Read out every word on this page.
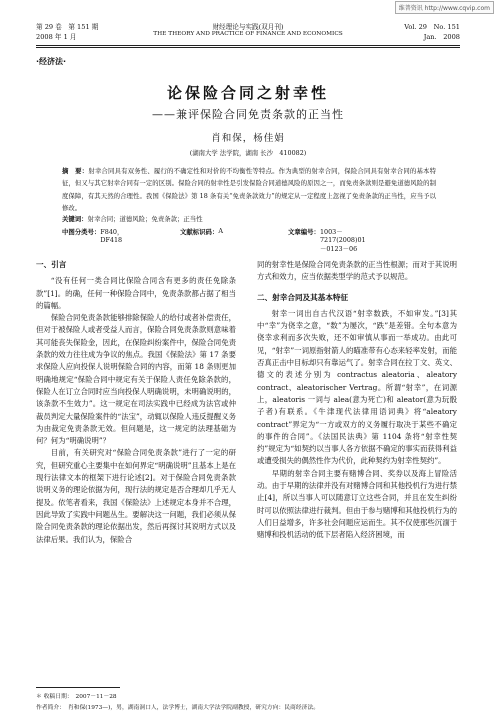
维普资讯 http://www.cqvip.com
第 29 卷　第 151 期
2008 年 1 月
财经理论与实践(双月刊)
THE THEORY AND PRACTICE OF FINANCE AND ECONOMICS
Vol. 29　No. 151
Jan.　2008
·经济法·
论保险合同之射幸性
——兼评保险合同免责条款的正当性
肖和保，杨佳娟
(湖南大学 法学院，湖南 长沙　410082)
摘　要：射幸合同具有双务性、履行的不确定性和对价的不均衡性等特点。作为典型的射幸合同，保险合同具有射幸合同的基本特征，但又与其它射幸合同有一定的区别。保险合同的射幸性是引发保险合同道德风险的原因之一，而免责条款则是避免道德风险的制度保障，有其天然的合理性。我国《保险法》第 18 条有关“免责条款效力”的规定从一定程度上忽视了免责条款的正当性，应当予以修改。
关键词：射幸合同；道德风险；免责条款；正当性
中图分类号： F840，DF418
文献标识码： A	文章编号： 1003－7217(2008)01－0123－06

一、引言

“没有任何一类合同比保险合同含有更多的责任免除条款”[1]。的确，任何一种保险合同中，免责条款都占据了相当的篇幅。

保险合同免责条款能够排除保险人的给付或者补偿责任，但对于被保险人或者受益人而言，保险合同免责条款则意味着其可能丧失保险金，因此，在保险纠纷案件中，保险合同免责条款的效力往往成为争议的焦点。我国《保险法》第 17 条要求保险人应向投保人说明保险合同的内容，而第 18 条则更加明确地规定“保险合同中规定有关于保险人责任免除条款的，保险人在订立合同时应当向投保人明确说明，未明确说明的，该条款不生效力”。这一规定在司法实践中已经成为法官或仲裁员判定大量保险案件的“法宝”，动辄以保险人违反提醒义务为由裁定免责条款无效。但问题是，这一规定的法理基础为何？何为“明确说明”？

目前，有关研究对“保险合同免责条款”进行了一定的研究，但研究重心主要集中在如何界定“明确说明”且基本上是在现行法律文本的框架下进行论述[2]。对于保险合同免责条款说明义务的理论依据为何，现行法的规定是否合理却几乎无人提及。依笔者看来，我国《保险法》上述规定本身并不合理，因此导致了实践中问题丛生。要解决这一问题，我们必须从保险合同免责条款的理论依据出发，然后再探讨其说明方式以及法律后果。我们认为，保险合

同的射幸性是保险合同免责条款的正当性根源；而对于其说明方式和效力，应当依据类型学的范式予以规范。

二、射幸合同及其基本特征

射幸一词出自古代汉语“射幸数跌，不如审发。”[3]其中“幸”为侥幸之意，“数”为屡次，“跌”是差错。全句本意为侥幸求利而多次失败，还不如审慎从事而一举成功。由此可见，“射幸”一词原指射箭人的瞄准带有心态来轻率发射，而能否真正击中目标却只有靠运气了。射幸合同在拉丁文、英文、德文的表述分别为 contractus aleatoria、aleatory contract、aleatorischer Vertrag。所谓“射幸”，在词源上，aleatoris 一词与 alea(意为死亡)和 aleator(意为玩骰子者)有联系。《牛津现代法律用语词典》将“aleatory contract”界定为“一方或双方的义务履行取决于某些不确定的事件的合同”。《法国民法典》第 1104 条将“射幸性契约”规定为“如契约以当事人各方依据不确定的事实而获得利益或遭受损失的偶然性作为代价，此种契约为射幸性契约”。

早期的射幸合同主要有赌博合同、奖券以及海上冒险活动。由于早期的法律并没有对赌博合同和其他投机行为进行禁止[4]，所以当事人可以随意订立这些合同，并且在发生纠纷时可以依照法律进行裁判。但由于参与赌博和其他投机行为的人们日益增多，许多社会问题应运而生。其不仅使那些沉湎于赌博和投机活动的低下层者陷入经济困境，而

＊ 收稿日期：　2007－11－28
作者简介：　肖和保(1973—)，男，湖南洞口人，法学博士，湖南大学法学院副教授，研究方向：民商经济法。
